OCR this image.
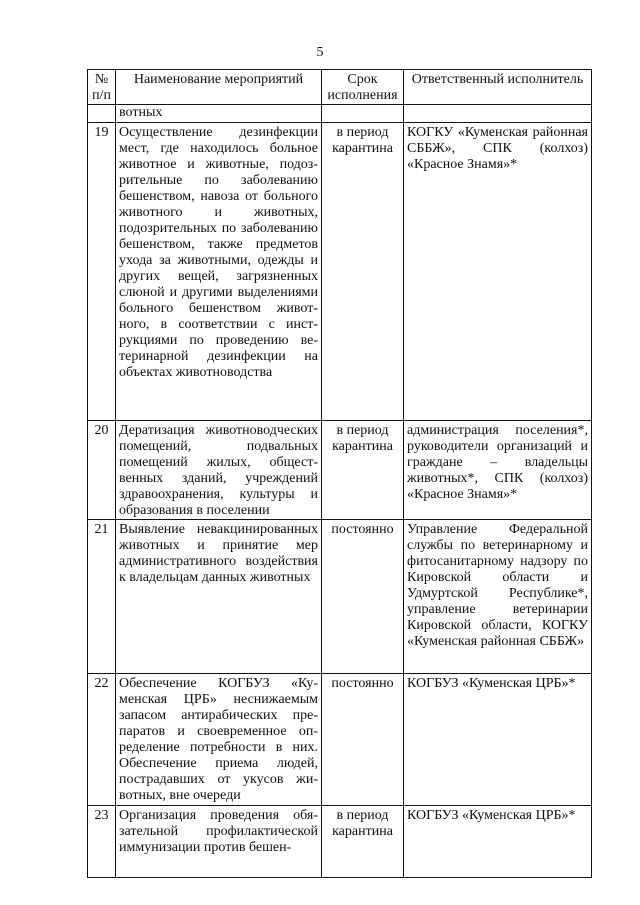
5
№ п/п	Наименование мероприятий	Срок исполнения	Ответственный исполнитель
	вотных		
19	Осуществление дезинфекции мест, где находилось больное животное и животные, подозрительные по заболеванию бешенством, навоза от больного животного и животных, подозрительных по заболеванию бешенством, также предметов ухода за животными, одежды и других вещей, загрязненных слюной и другими выделениями больного бешенством животного, в соответствии с инструкциями по проведению ветеринарной дезинфекции на объектах животноводства	в период карантина	КОГКУ «Куменская районная СББЖ», СПК (колхоз) «Красное Знамя»*
20	Дератизация животноводческих помещений, подвальных помещений жилых, общественных зданий, учреждений здравоохранения, культуры и образования в поселении	в период карантина	администрация поселения*, руководители организаций и граждане – владельцы животных*, СПК (колхоз) «Красное Знамя»*
21	Выявление невакцинированных животных и принятие мер административного воздействия к владельцам данных животных	постоянно	Управление Федеральной службы по ветеринарному и фитосанитарному надзору по Кировской области и Удмуртской Республике*, управление ветеринарии Кировской области, КОГКУ «Куменская районная СББЖ»
22	Обеспечение КОГБУЗ «Куменская ЦРБ» неснижаемым запасом антирабических препаратов и своевременное определение потребности в них. Обеспечение приема людей, пострадавших от укусов животных, вне очереди	постоянно	КОГБУЗ «Куменская ЦРБ»*
23	Организация проведения обязательной профилактической иммунизации против бешен-	в период карантина	КОГБУЗ «Куменская ЦРБ»*
